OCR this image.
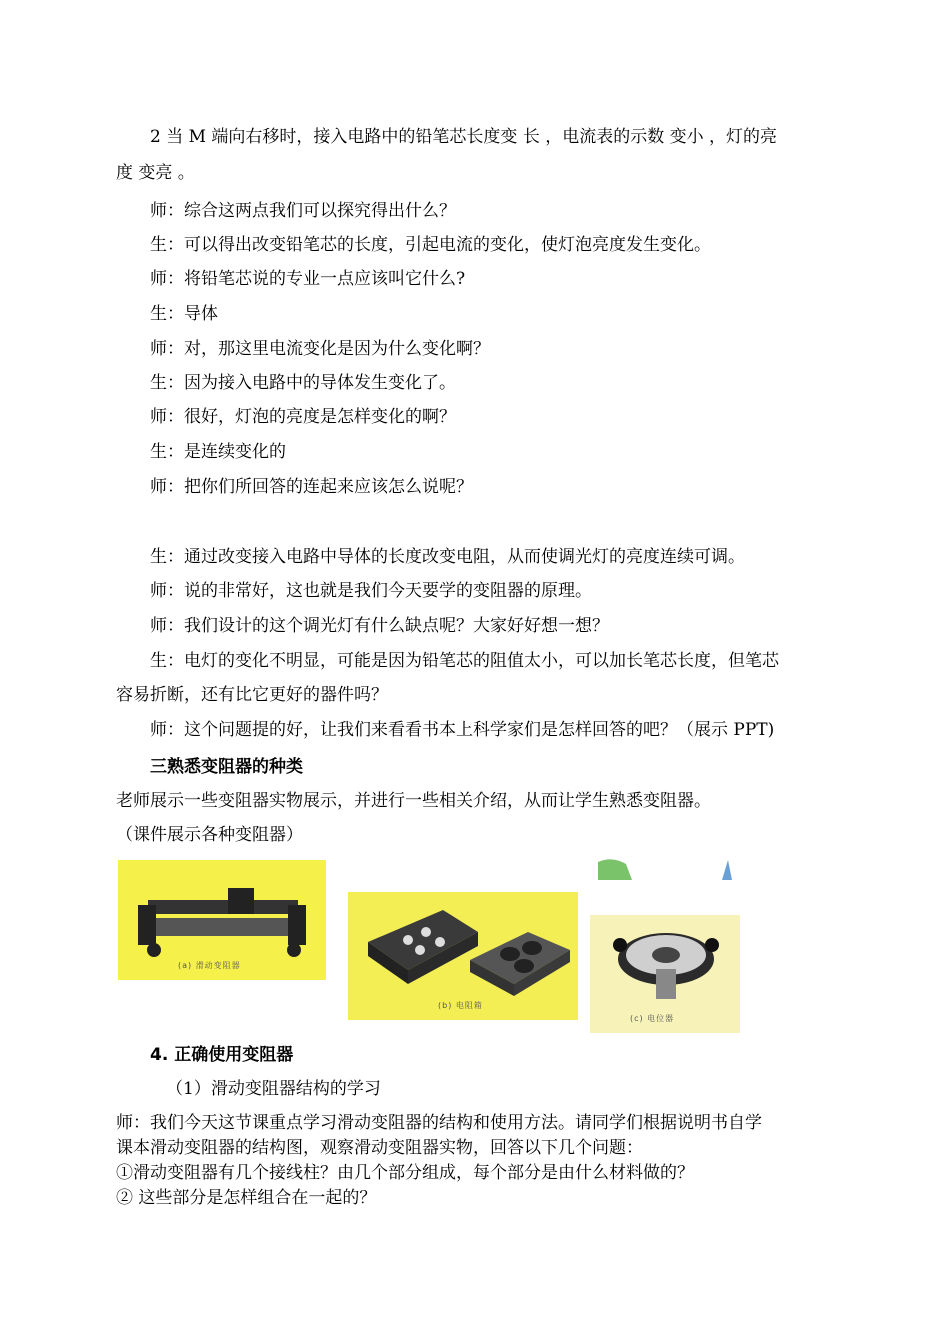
2 当 M 端向右移时，接入电路中的铅笔芯长度变 长 ，电流表的示数 变小 ，灯的亮
度 变亮 。
师：综合这两点我们可以探究得出什么？
生：可以得出改变铅笔芯的长度，引起电流的变化，使灯泡亮度发生变化。
师：将铅笔芯说的专业一点应该叫它什么?
生：导体
师：对，那这里电流变化是因为什么变化啊？
生：因为接入电路中的导体发生变化了。
师：很好，灯泡的亮度是怎样变化的啊？
生：是连续变化的
师：把你们所回答的连起来应该怎么说呢？
生：通过改变接入电路中导体的长度改变电阻，从而使调光灯的亮度连续可调。
师：说的非常好，这也就是我们今天要学的变阻器的原理。
师：我们设计的这个调光灯有什么缺点呢？大家好好想一想？
生：电灯的变化不明显，可能是因为铅笔芯的阻值太小，可以加长笔芯长度，但笔芯
容易折断，还有比它更好的器件吗？
师：这个问题提的好，让我们来看看书本上科学家们是怎样回答的吧？（展示 PPT)
三熟悉变阻器的种类
老师展示一些变阻器实物展示，并进行一些相关介绍，从而让学生熟悉变阻器。
（课件展示各种变阻器）
(a) 滑动变阻器
(b) 电阻箱
(c) 电位器
4. 正确使用变阻器
（1）滑动变阻器结构的学习
师：我们今天这节课重点学习滑动变阻器的结构和使用方法。请同学们根据说明书自学
课本滑动变阻器的结构图，观察滑动变阻器实物，回答以下几个问题：
①滑动变阻器有几个接线柱？由几个部分组成，每个部分是由什么材料做的？
② 这些部分是怎样组合在一起的？
